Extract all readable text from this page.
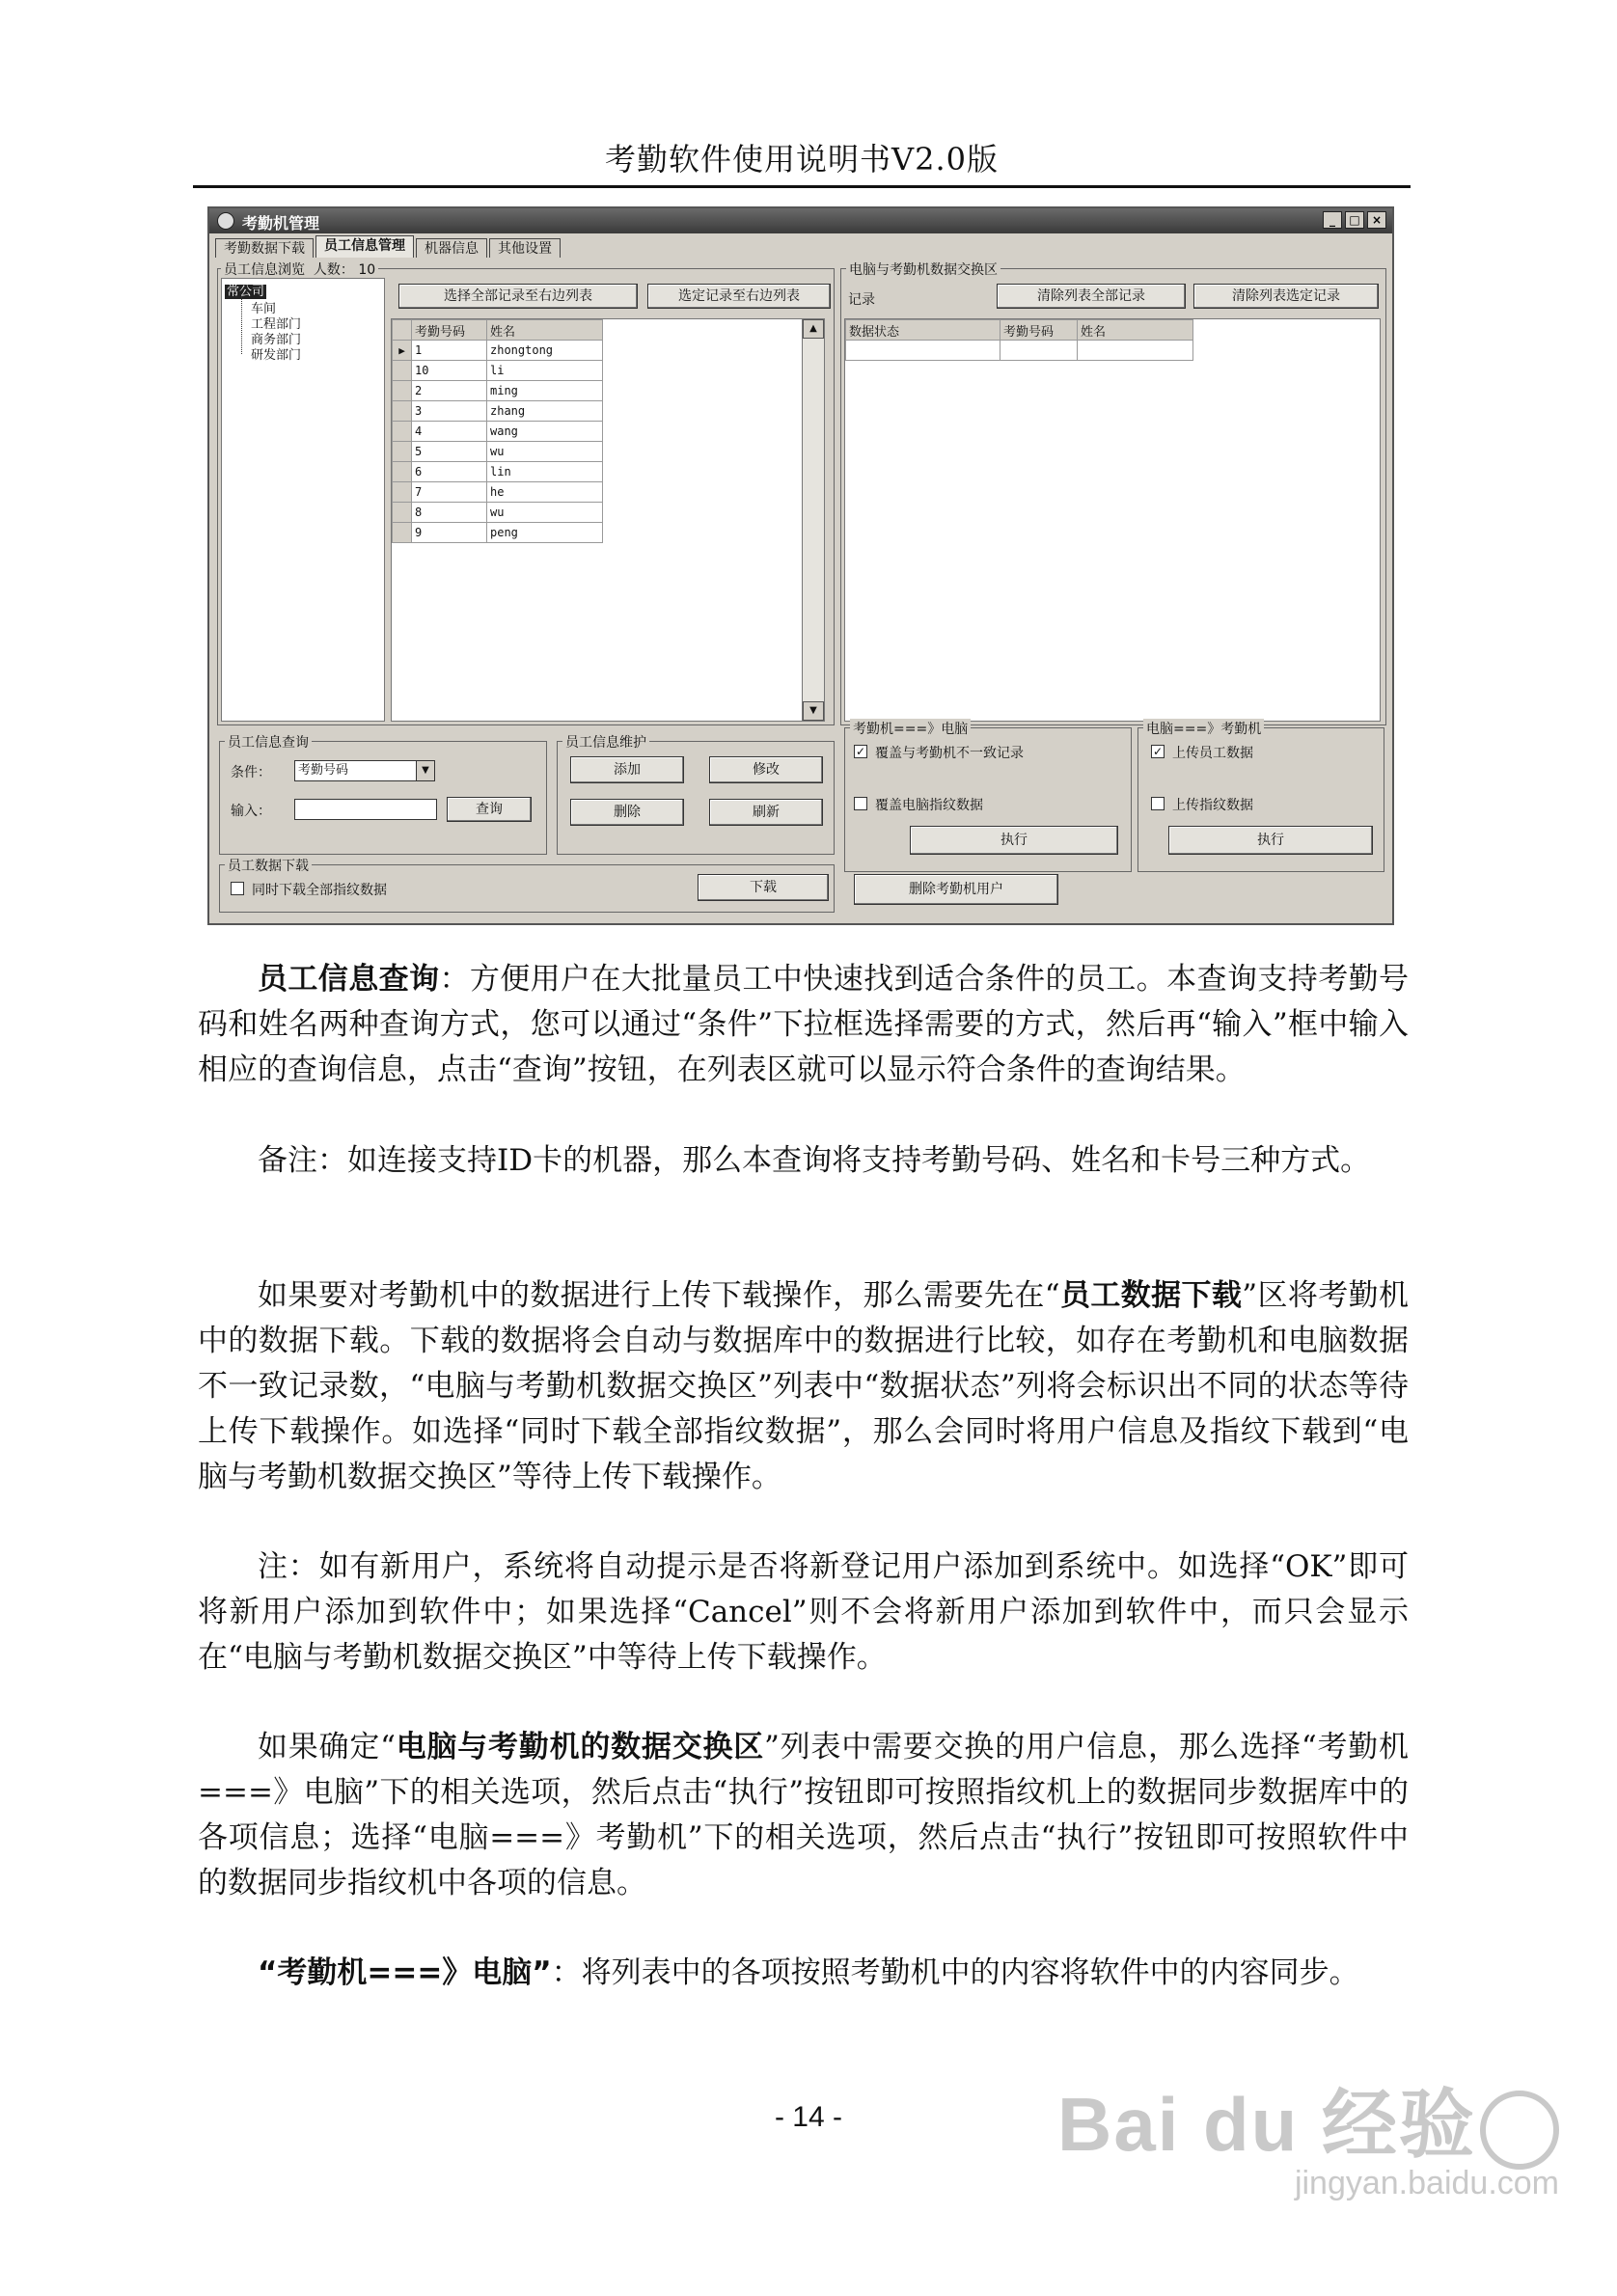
考勤软件使用说明书V2.0版
考勤机管理	_	□	×
考勤数据下载	员工信息管理	机器信息	其他设置
员工信息浏览 人数： 10
常公司
车间
工程部门
商务部门
研发部门
选择全部记录至右边列表	选定记录至右边列表
	考勤号码	姓名
▶	1	zhongtong
	10	li
	2	ming
	3	zhang
	4	wang
	5	wu
	6	lin
	7	he
	8	wu
	9	peng
▲
▼
电脑与考勤机数据交换区
记录	清除列表全部记录	清除列表选定记录
数据状态	考勤号码	姓名

员工信息查询
条件：	考勤号码	▼
输入：	查询
员工信息维护
添加	修改
删除	刷新
员工数据下载
同时下载全部指纹数据	下载
考勤机===》电脑
✓ 覆盖与考勤机不一致记录
覆盖电脑指纹数据
执行
删除考勤机用户
电脑===》考勤机
✓ 上传员工数据
上传指纹数据
执行
员工信息查询：方便用户在大批量员工中快速找到适合条件的员工。本查询支持考勤号码和姓名两种查询方式，您可以通过“条件”下拉框选择需要的方式，然后再“输入”框中输入相应的查询信息，点击“查询”按钮，在列表区就可以显示符合条件的查询结果。
备注：如连接支持ID卡的机器，那么本查询将支持考勤号码、姓名和卡号三种方式。
如果要对考勤机中的数据进行上传下载操作，那么需要先在“员工数据下载”区将考勤机中的数据下载。下载的数据将会自动与数据库中的数据进行比较，如存在考勤机和电脑数据不一致记录数，“电脑与考勤机数据交换区”列表中“数据状态”列将会标识出不同的状态等待上传下载操作。如选择“同时下载全部指纹数据”，那么会同时将用户信息及指纹下载到“电脑与考勤机数据交换区”等待上传下载操作。
注：如有新用户，系统将自动提示是否将新登记用户添加到系统中。如选择“OK”即可将新用户添加到软件中；如果选择“Cancel”则不会将新用户添加到软件中，而只会显示在“电脑与考勤机数据交换区”中等待上传下载操作。
如果确定“电脑与考勤机的数据交换区”列表中需要交换的用户信息，那么选择“考勤机===》电脑”下的相关选项，然后点击“执行”按钮即可按照指纹机上的数据同步数据库中的各项信息；选择“电脑===》考勤机”下的相关选项，然后点击“执行”按钮即可按照软件中的数据同步指纹机中各项的信息。
“考勤机===》电脑”：将列表中的各项按照考勤机中的内容将软件中的内容同步。
- 14 -	Bai du 经验
jingyan.baidu.com
